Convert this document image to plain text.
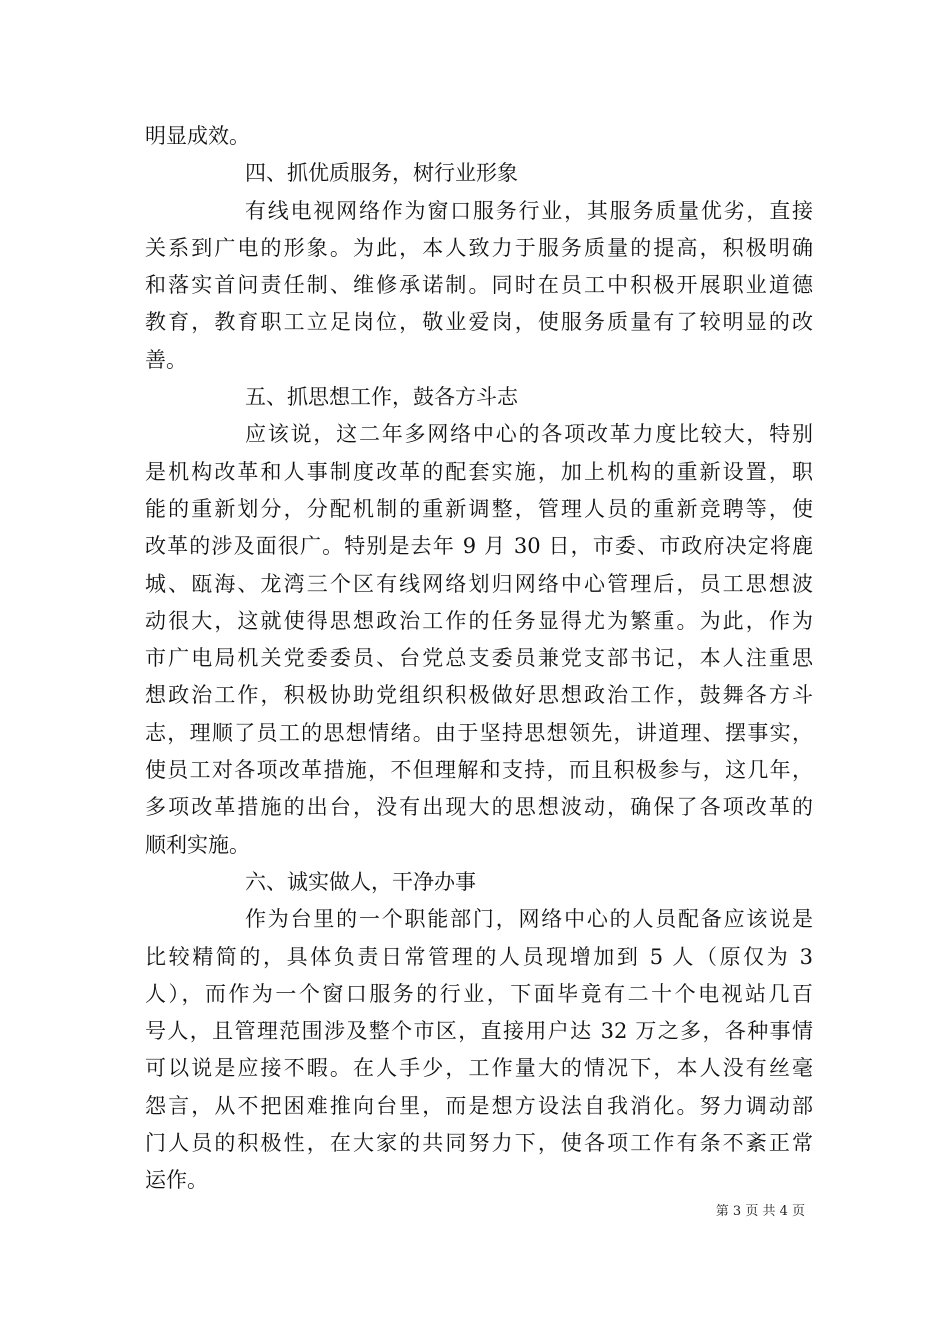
明显成效。
四、抓优质服务，树行业形象
有线电视网络作为窗口服务行业，其服务质量优劣，直接
关系到广电的形象。为此，本人致力于服务质量的提高，积极明确
和落实首问责任制、维修承诺制。同时在员工中积极开展职业道德
教育，教育职工立足岗位，敬业爱岗，使服务质量有了较明显的改
善。
五、抓思想工作，鼓各方斗志
应该说，这二年多网络中心的各项改革力度比较大，特别
是机构改革和人事制度改革的配套实施，加上机构的重新设置，职
能的重新划分，分配机制的重新调整，管理人员的重新竞聘等，使
改革的涉及面很广。特别是去年 9 月 30 日，市委、市政府决定将鹿
城、瓯海、龙湾三个区有线网络划归网络中心管理后，员工思想波
动很大，这就使得思想政治工作的任务显得尤为繁重。为此，作为
市广电局机关党委委员、台党总支委员兼党支部书记，本人注重思
想政治工作，积极协助党组织积极做好思想政治工作，鼓舞各方斗
志，理顺了员工的思想情绪。由于坚持思想领先，讲道理、摆事实，
使员工对各项改革措施，不但理解和支持，而且积极参与，这几年，
多项改革措施的出台，没有出现大的思想波动，确保了各项改革的
顺利实施。
六、诚实做人，干净办事
作为台里的一个职能部门，网络中心的人员配备应该说是
比较精简的，具体负责日常管理的人员现增加到 5 人（原仅为 3
人），而作为一个窗口服务的行业，下面毕竟有二十个电视站几百
号人，且管理范围涉及整个市区，直接用户达 32 万之多，各种事情
可以说是应接不暇。在人手少，工作量大的情况下，本人没有丝毫
怨言，从不把困难推向台里，而是想方设法自我消化。努力调动部
门人员的积极性，在大家的共同努力下，使各项工作有条不紊正常
运作。
第 3 页 共 4 页
